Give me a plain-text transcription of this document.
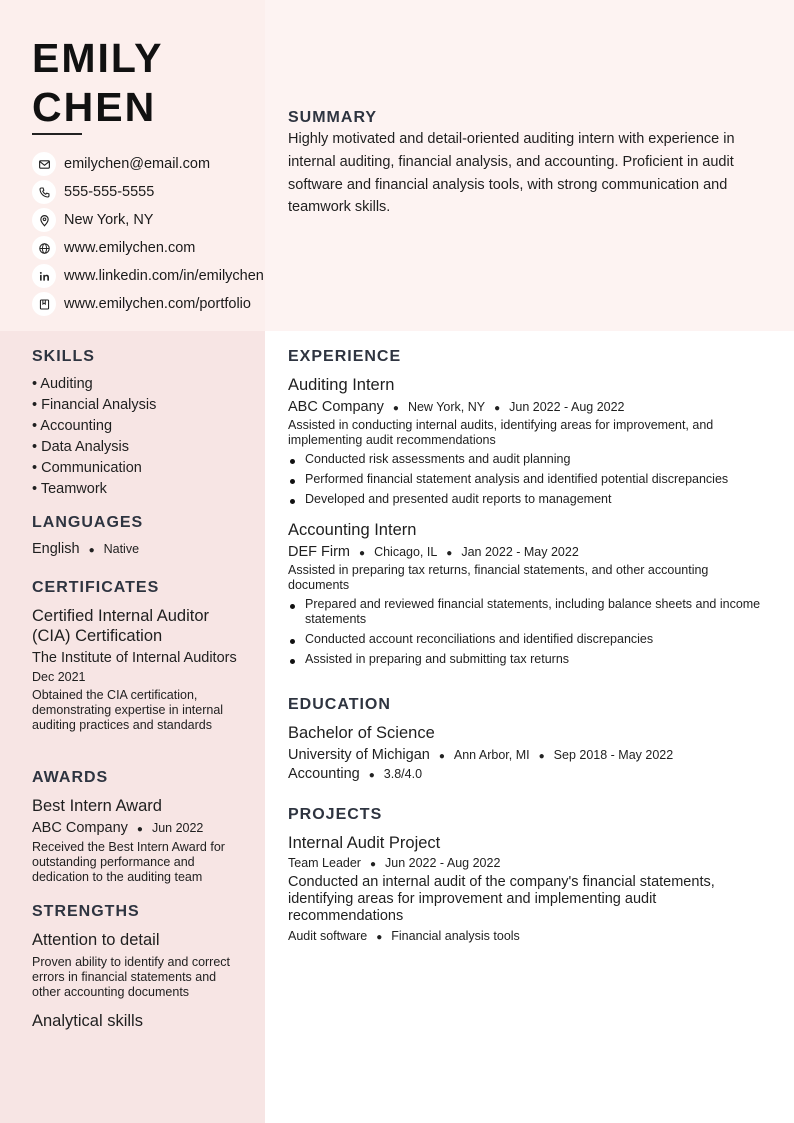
EMILY
CHEN
emilychen@email.com
555-555-5555
New York, NY
www.emilychen.com
www.linkedin.com/in/emilychen
www.emilychen.com/portfolio
SUMMARY

Highly motivated and detail-oriented auditing intern with experience in internal auditing, financial analysis, and accounting. Proficient in audit software and financial analysis tools, with strong communication and teamwork skills.

SKILLS
• Auditing
• Financial Analysis
• Accounting
• Data Analysis
• Communication
• Teamwork
LANGUAGES
English ● Native
CERTIFICATES
Certified Internal Auditor (CIA) Certification
The Institute of Internal Auditors
Dec 2021
Obtained the CIA certification, demonstrating expertise in internal auditing practices and standards
AWARDS
Best Intern Award
ABC Company ● Jun 2022
Received the Best Intern Award for outstanding performance and dedication to the auditing team
STRENGTHS
Attention to detail
Proven ability to identify and correct errors in financial statements and other accounting documents
Analytical skills
EXPERIENCE
Auditing Intern
ABC Company ● New York, NY ● Jun 2022 - Aug 2022
Assisted in conducting internal audits, identifying areas for improvement, and implementing audit recommendations
Conducted risk assessments and audit planning
Performed financial statement analysis and identified potential discrepancies
Developed and presented audit reports to management
Accounting Intern
DEF Firm ● Chicago, IL ● Jan 2022 - May 2022
Assisted in preparing tax returns, financial statements, and other accounting documents
Prepared and reviewed financial statements, including balance sheets and income statements
Conducted account reconciliations and identified discrepancies
Assisted in preparing and submitting tax returns
EDUCATION
Bachelor of Science
University of Michigan ● Ann Arbor, MI ● Sep 2018 - May 2022
Accounting ● 3.8/4.0
PROJECTS
Internal Audit Project
Team Leader ● Jun 2022 - Aug 2022
Conducted an internal audit of the company's financial statements, identifying areas for improvement and implementing audit recommendations
Audit software ● Financial analysis tools
